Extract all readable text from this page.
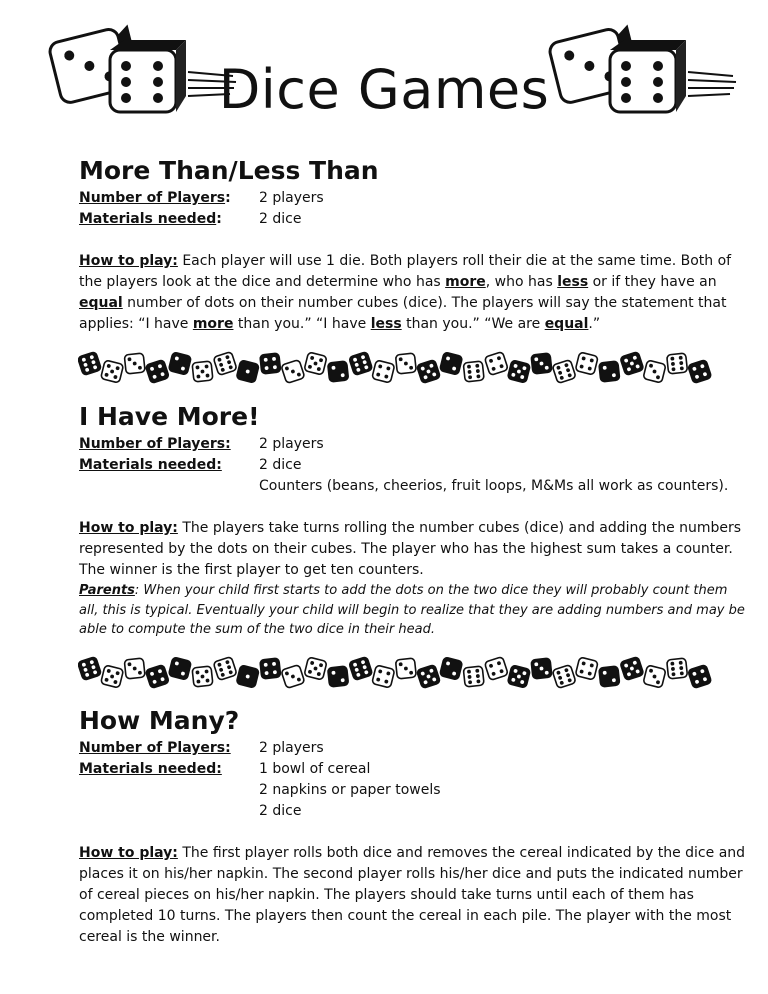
Dice Games
More Than/Less Than
Number of Players:	2 players
Materials needed:	2 dice

How to play: Each player will use 1 die. Both players roll their die at the same time. Both of the players look at the dice and determine who has more, who has less or if they have an equal number of dots on their number cubes (dice). The players will say the statement that applies: “I have more than you.” “I have less than you.” “We are equal.”

I Have More!
Number of Players:	2 players
Materials needed:	2 dice
Counters (beans, cheerios, fruit loops, M&Ms all work as counters).

How to play: The players take turns rolling the number cubes (dice) and adding the numbers represented by the dots on their cubes. The player who has the highest sum takes a counter. The winner is the first player to get ten counters.

Parents: When your child first starts to add the dots on the two dice they will probably count them all, this is typical. Eventually your child will begin to realize that they are adding numbers and may be able to compute the sum of the two dice in their head.

How Many?
Number of Players:	2 players
Materials needed:	1 bowl of cereal
2 napkins or paper towels
2 dice

How to play: The first player rolls both dice and removes the cereal indicated by the dice and places it on his/her napkin. The second player rolls his/her dice and puts the indicated number of cereal pieces on his/her napkin. The players should take turns until each of them has completed 10 turns. The players then count the cereal in each pile. The player with the most cereal is the winner.
